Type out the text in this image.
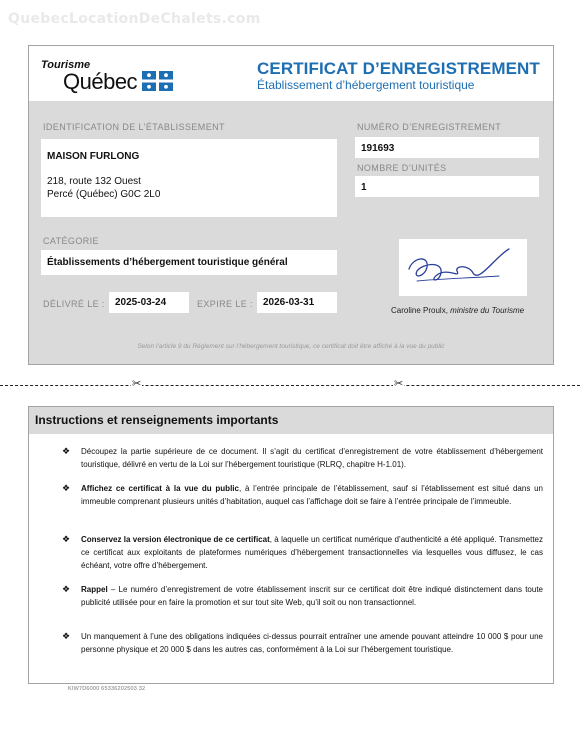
QuebecLocationDeChalets.com
Tourisme
Québec
CERTIFICAT D’ENREGISTREMENT
Établissement d’hébergement touristique
IDENTIFICATION DE L’ÉTABLISSEMENT
MAISON FURLONG
218, route 132 Ouest
Percé (Québec) G0C 2L0
NUMÉRO D’ENREGISTREMENT
191693
NOMBRE D’UNITÉS
1
CATÉGORIE
Établissements d’hébergement touristique général
DÉLIVRÉ LE : 2025-03-24	EXPIRE LE : 2026-03-31
Caroline Proulx, ministre du Tourisme
Selon l’article 9 du Règlement sur l’hébergement touristique, ce certificat doit être affiché à la vue du public
✂	✂
Instructions et renseignements importants
❖ Découpez la partie supérieure de ce document. Il s’agit du certificat d’enregistrement de votre établissement d’hébergement touristique, délivré en vertu de la Loi sur l’hébergement touristique (RLRQ, chapitre H-1.01).
❖ Affichez ce certificat à la vue du public, à l’entrée principale de l’établissement, sauf si l’établissement est situé dans un immeuble comprenant plusieurs unités d’habitation, auquel cas l’affichage doit se faire à l’entrée principale de l’immeuble.
❖ Conservez la version électronique de ce certificat, à laquelle un certificat numérique d’authenticité a été appliqué. Transmettez ce certificat aux exploitants de plateformes numériques d’hébergement transactionnelles via lesquelles vous diffusez, le cas échéant, votre offre d’hébergement.
❖ Rappel – Le numéro d’enregistrement de votre établissement inscrit sur ce certificat doit être indiqué distinctement dans toute publicité utilisée pour en faire la promotion et sur tout site Web, qu’il soit ou non transactionnel.
❖ Un manquement à l’une des obligations indiquées ci-dessus pourrait entraîner une amende pouvant atteindre 10 000 $ pour une personne physique et 20 000 $ dans les autres cas, conformément à la Loi sur l’hébergement touristique.
KIW7D6000 65336202503 32
